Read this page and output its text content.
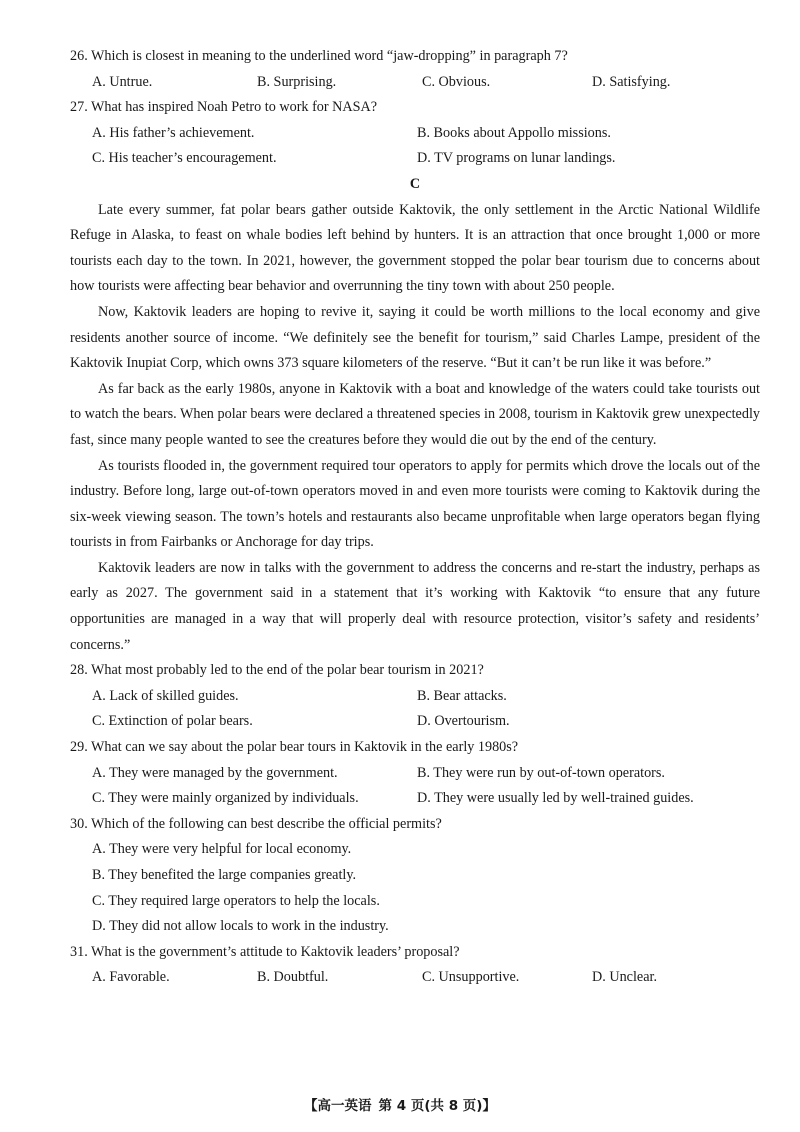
26. Which is closest in meaning to the underlined word “jaw-dropping” in paragraph 7?

A. Untrue.	B. Surprising.	C. Obvious.	D. Satisfying.

27. What has inspired Noah Petro to work for NASA?

A. His father’s achievement.	B. Books about Appollo missions.
C. His teacher’s encouragement.	D. TV programs on lunar landings.

C

Late every summer, fat polar bears gather outside Kaktovik, the only settlement in the Arctic National Wildlife Refuge in Alaska, to feast on whale bodies left behind by hunters. It is an attraction that once brought 1,000 or more tourists each day to the town. In 2021, however, the government stopped the polar bear tourism due to concerns about how tourists were affecting bear behavior and overrunning the tiny town with about 250 people.

Now, Kaktovik leaders are hoping to revive it, saying it could be worth millions to the local economy and give residents another source of income. “We definitely see the benefit for tourism,” said Charles Lampe, president of the Kaktovik Inupiat Corp, which owns 373 square kilometers of the reserve. “But it can’t be run like it was before.”

As far back as the early 1980s, anyone in Kaktovik with a boat and knowledge of the waters could take tourists out to watch the bears. When polar bears were declared a threatened species in 2008, tourism in Kaktovik grew unexpectedly fast, since many people wanted to see the creatures before they would die out by the end of the century.

As tourists flooded in, the government required tour operators to apply for permits which drove the locals out of the industry. Before long, large out-of-town operators moved in and even more tourists were coming to Kaktovik during the six-week viewing season. The town’s hotels and restaurants also became unprofitable when large operators began flying tourists in from Fairbanks or Anchorage for day trips.

Kaktovik leaders are now in talks with the government to address the concerns and re-start the industry, perhaps as early as 2027. The government said in a statement that it’s working with Kaktovik “to ensure that any future opportunities are managed in a way that will properly deal with resource protection, visitor’s safety and residents’ concerns.”

28. What most probably led to the end of the polar bear tourism in 2021?

A. Lack of skilled guides.	B. Bear attacks.
C. Extinction of polar bears.	D. Overtourism.

29. What can we say about the polar bear tours in Kaktovik in the early 1980s?

A. They were managed by the government.	B. They were run by out-of-town operators.
C. They were mainly organized by individuals.	D. They were usually led by well-trained guides.

30. Which of the following can best describe the official permits?

A. They were very helpful for local economy.
B. They benefited the large companies greatly.
C. They required large operators to help the locals.
D. They did not allow locals to work in the industry.

31. What is the government’s attitude to Kaktovik leaders’ proposal?

A. Favorable.	B. Doubtful.	C. Unsupportive.	D. Unclear.
【高一英语 第 4 页(共 8 页)】
